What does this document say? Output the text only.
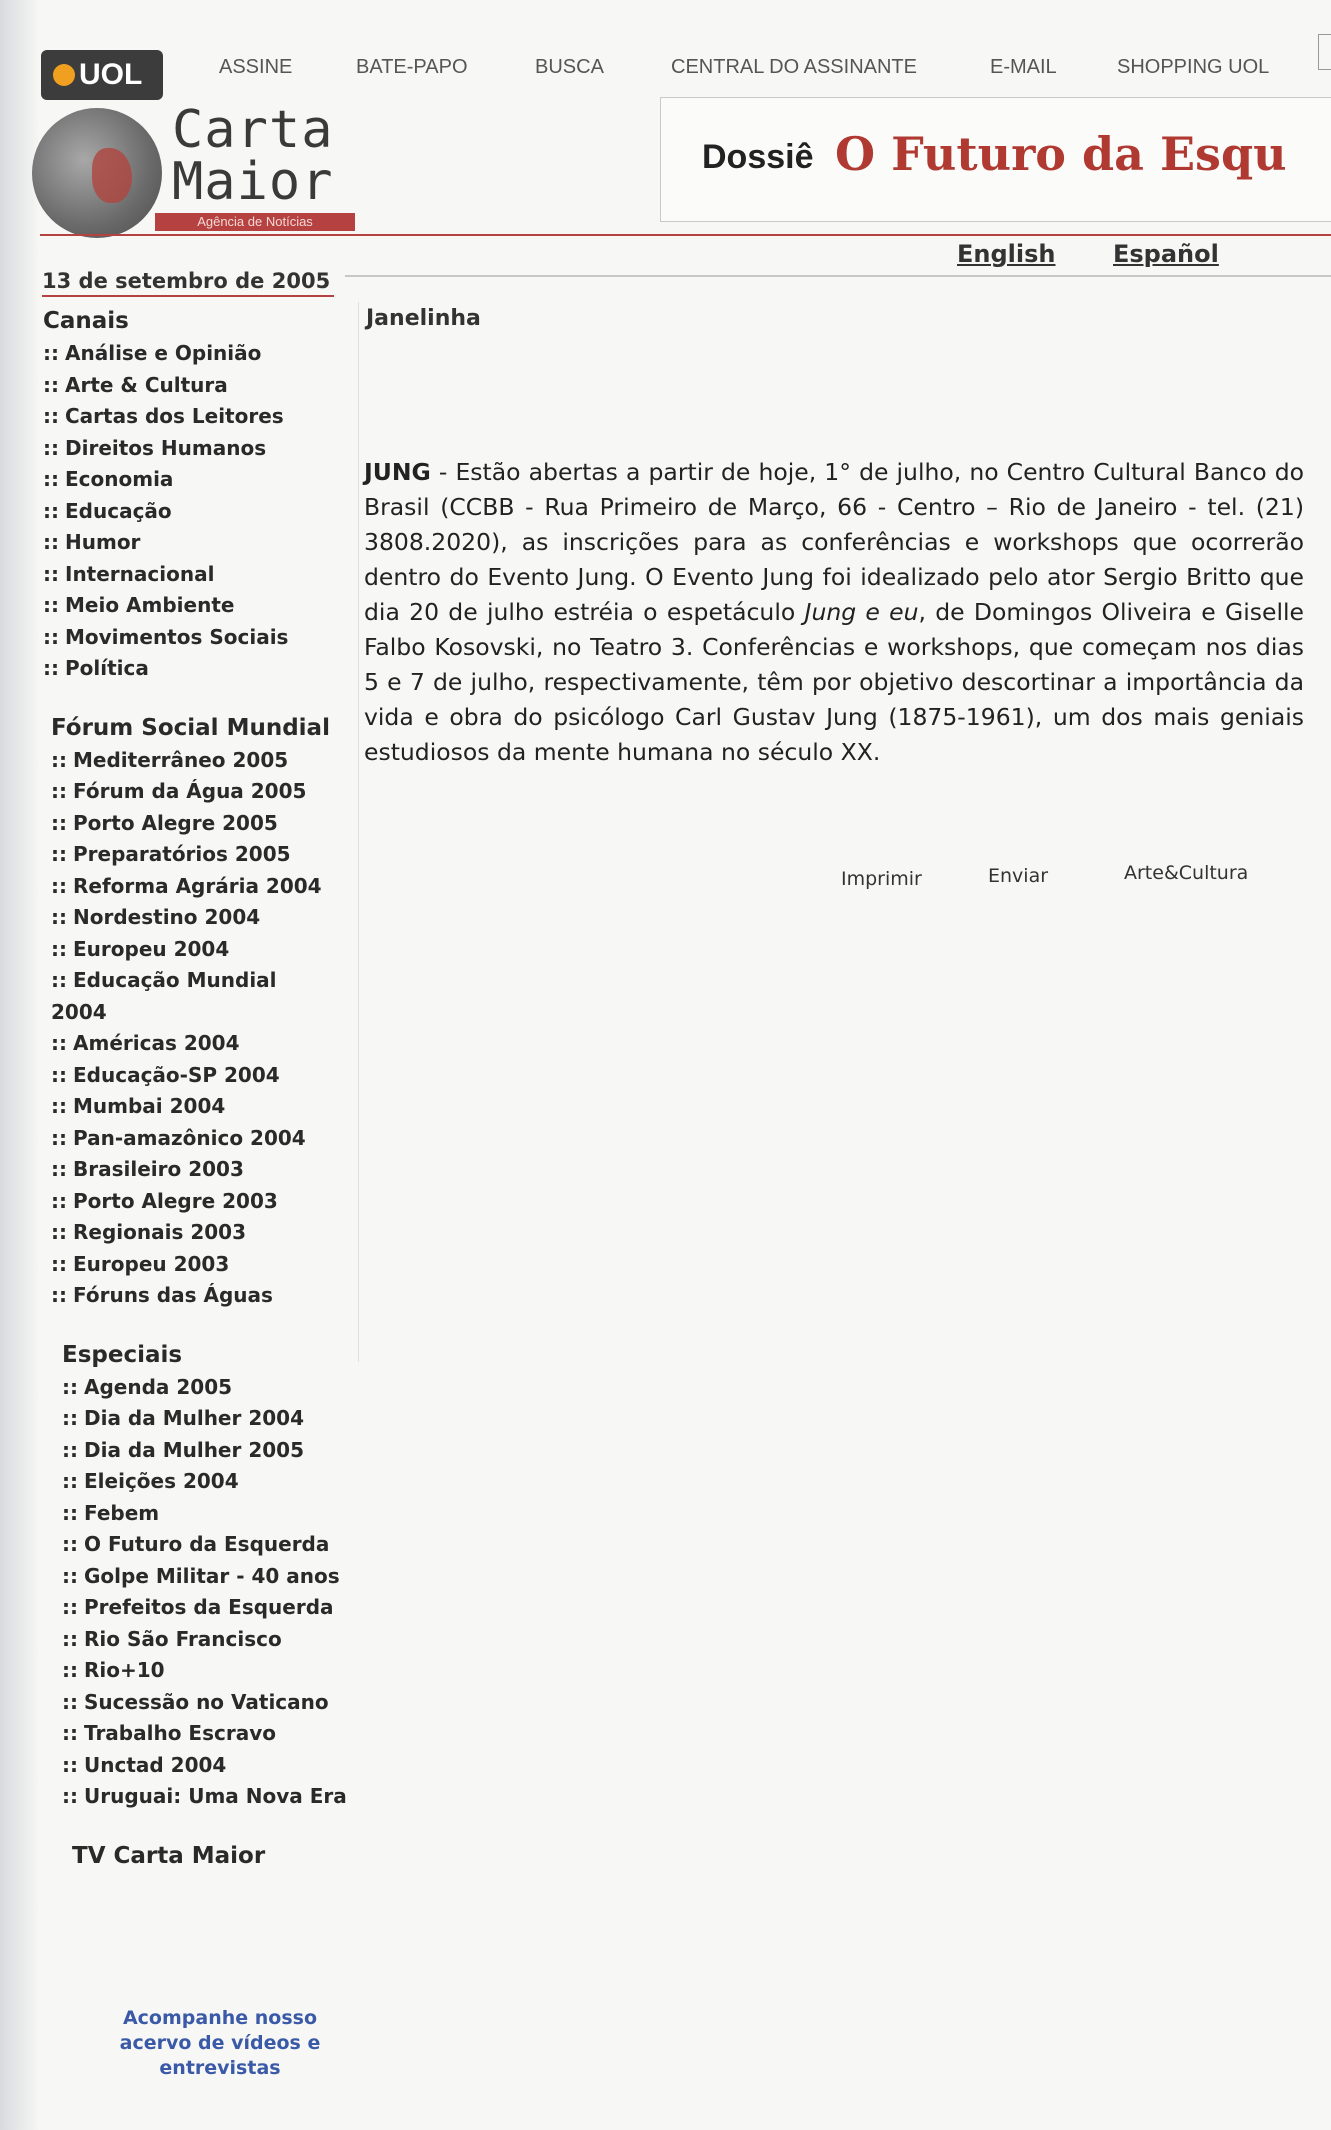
UOL	ASSINE	BATE-PAPO	BUSCA	CENTRAL DO ASSINANTE	E-MAIL	SHOPPING UOL
Carta
Maior
Agência de Notícias
Dossiê O Futuro da Esqu
English Español
13 de setembro de 2005
Canais
:: Análise e Opinião
:: Arte & Cultura
:: Cartas dos Leitores
:: Direitos Humanos
:: Economia
:: Educação
:: Humor
:: Internacional
:: Meio Ambiente
:: Movimentos Sociais
:: Política
Fórum Social Mundial
:: Mediterrâneo 2005
:: Fórum da Água 2005
:: Porto Alegre 2005
:: Preparatórios 2005
:: Reforma Agrária 2004
:: Nordestino 2004
:: Europeu 2004
:: Educação Mundial
2004
:: Américas 2004
:: Educação-SP 2004
:: Mumbai 2004
:: Pan-amazônico 2004
:: Brasileiro 2003
:: Porto Alegre 2003
:: Regionais 2003
:: Europeu 2003
:: Fóruns das Águas
Especiais
:: Agenda 2005
:: Dia da Mulher 2004
:: Dia da Mulher 2005
:: Eleições 2004
:: Febem
:: O Futuro da Esquerda
:: Golpe Militar - 40 anos
:: Prefeitos da Esquerda
:: Rio São Francisco
:: Rio+10
:: Sucessão no Vaticano
:: Trabalho Escravo
:: Unctad 2004
:: Uruguai: Uma Nova Era
TV Carta Maior
Acompanhe nosso acervo de vídeos e entrevistas
Janelinha
JUNG - Estão abertas a partir de hoje, 1° de julho, no Centro Cultural Banco do Brasil (CCBB - Rua Primeiro de Março, 66 - Centro – Rio de Janeiro - tel. (21) 3808.2020), as inscrições para as conferências e workshops que ocorrerão dentro do Evento Jung. O Evento Jung foi idealizado pelo ator Sergio Britto que dia 20 de julho estréia o espetáculo Jung e eu, de Domingos Oliveira e Giselle Falbo Kosovski, no Teatro 3. Conferências e workshops, que começam nos dias 5 e 7 de julho, respectivamente, têm por objetivo descortinar a importância da vida e obra do psicólogo Carl Gustav Jung (1875-1961), um dos mais geniais estudiosos da mente humana no século XX.
Imprimir	Enviar	Arte&Cultura
